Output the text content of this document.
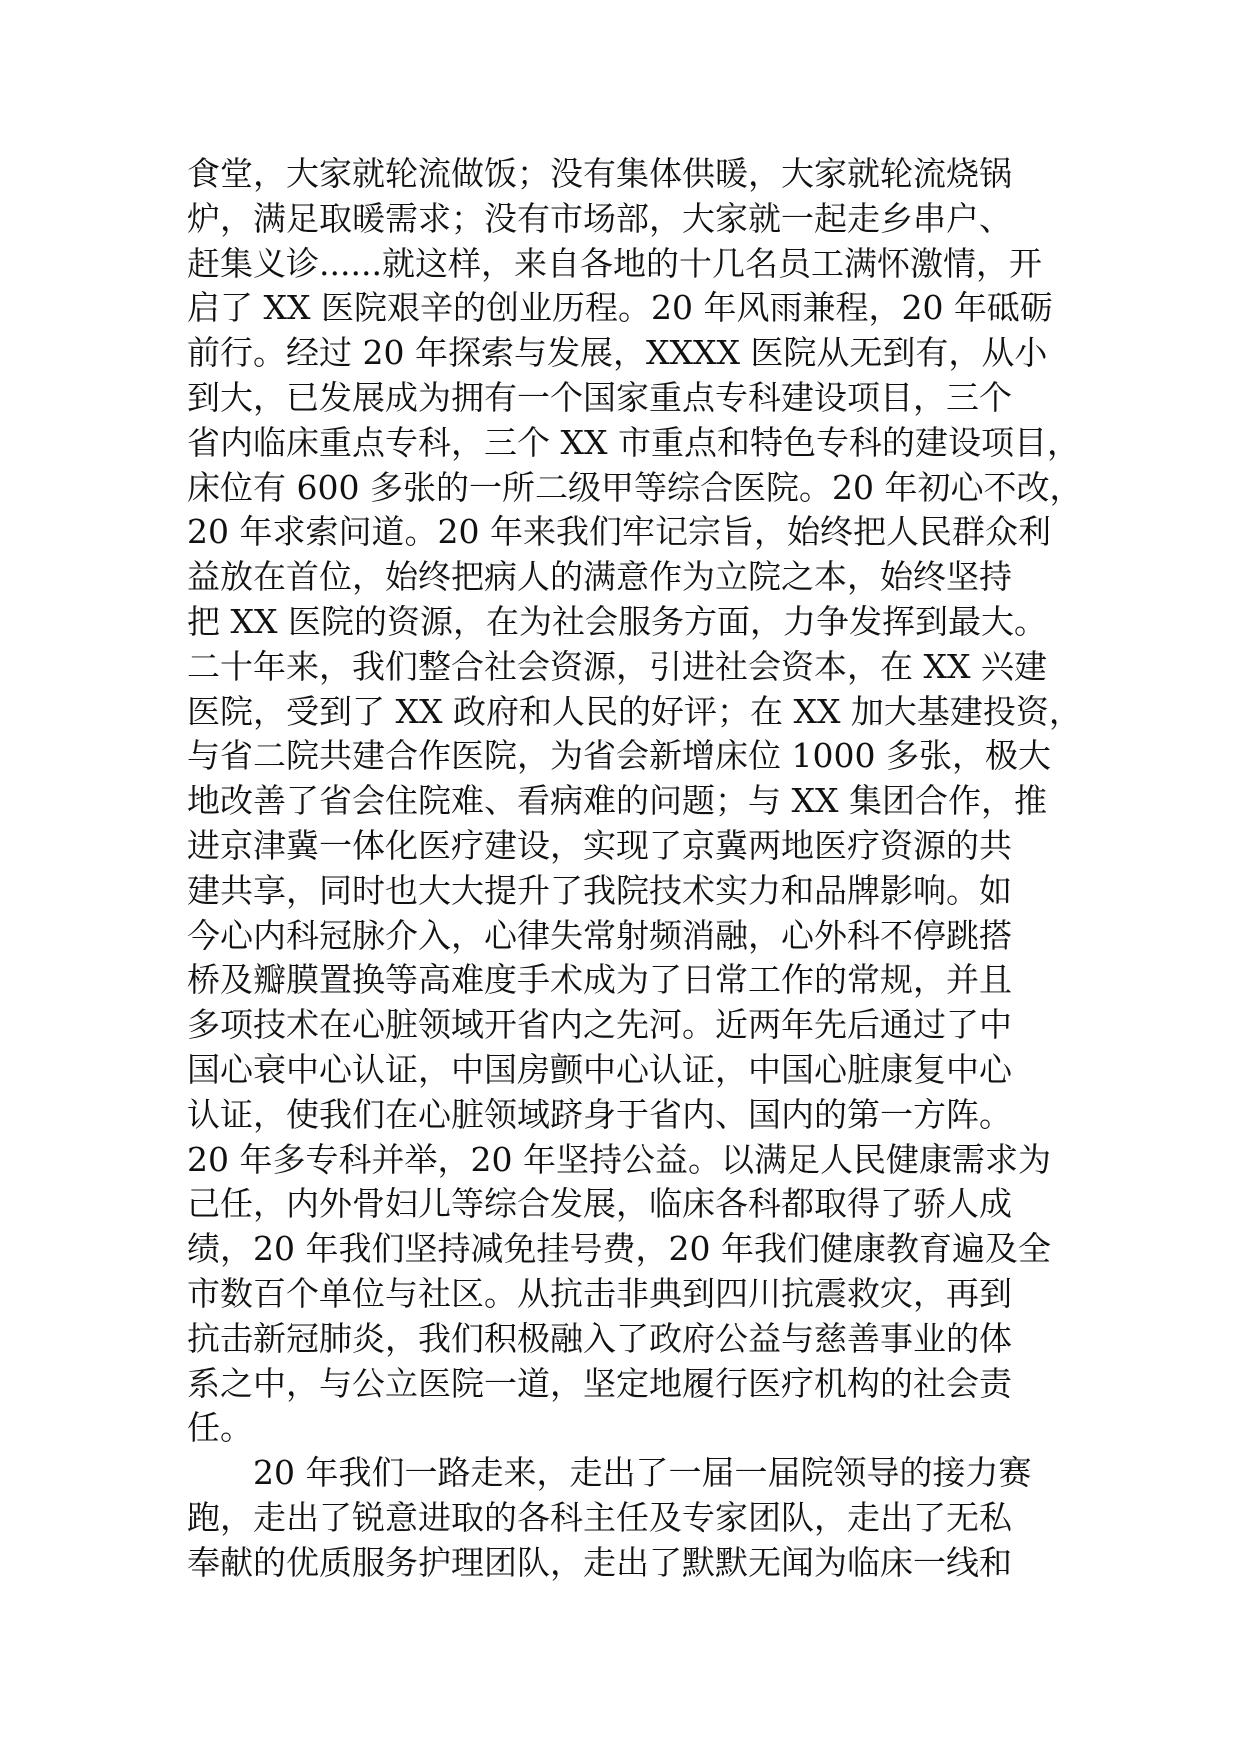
食堂，大家就轮流做饭；没有集体供暖，大家就轮流烧锅
炉，满足取暖需求；没有市场部，大家就一起走乡串户、
赶集义诊......就这样，来自各地的十几名员工满怀激情，开
启了 XX 医院艰辛的创业历程。20 年风雨兼程，20 年砥砺
前行。经过 20 年探索与发展，XXXX 医院从无到有，从小
到大，已发展成为拥有一个国家重点专科建设项目，三个
省内临床重点专科，三个 XX 市重点和特色专科的建设项目，
床位有 600 多张的一所二级甲等综合医院。20 年初心不改，
20 年求索问道。20 年来我们牢记宗旨，始终把人民群众利
益放在首位，始终把病人的满意作为立院之本，始终坚持
把 XX 医院的资源，在为社会服务方面，力争发挥到最大。
二十年来，我们整合社会资源，引进社会资本，在 XX 兴建
医院，受到了 XX 政府和人民的好评；在 XX 加大基建投资，
与省二院共建合作医院，为省会新增床位 1000 多张，极大
地改善了省会住院难、看病难的问题；与 XX 集团合作，推
进京津冀一体化医疗建设，实现了京冀两地医疗资源的共
建共享，同时也大大提升了我院技术实力和品牌影响。如
今心内科冠脉介入，心律失常射频消融，心外科不停跳搭
桥及瓣膜置换等高难度手术成为了日常工作的常规，并且
多项技术在心脏领域开省内之先河。近两年先后通过了中
国心衰中心认证，中国房颤中心认证，中国心脏康复中心
认证，使我们在心脏领域跻身于省内、国内的第一方阵。
20 年多专科并举，20 年坚持公益。以满足人民健康需求为
己任，内外骨妇儿等综合发展，临床各科都取得了骄人成
绩，20 年我们坚持减免挂号费，20 年我们健康教育遍及全
市数百个单位与社区。从抗击非典到四川抗震救灾，再到
抗击新冠肺炎，我们积极融入了政府公益与慈善事业的体
系之中，与公立医院一道，坚定地履行医疗机构的社会责
任。
20 年我们一路走来，走出了一届一届院领导的接力赛
跑，走出了锐意进取的各科主任及专家团队，走出了无私
奉献的优质服务护理团队，走出了默默无闻为临床一线和
